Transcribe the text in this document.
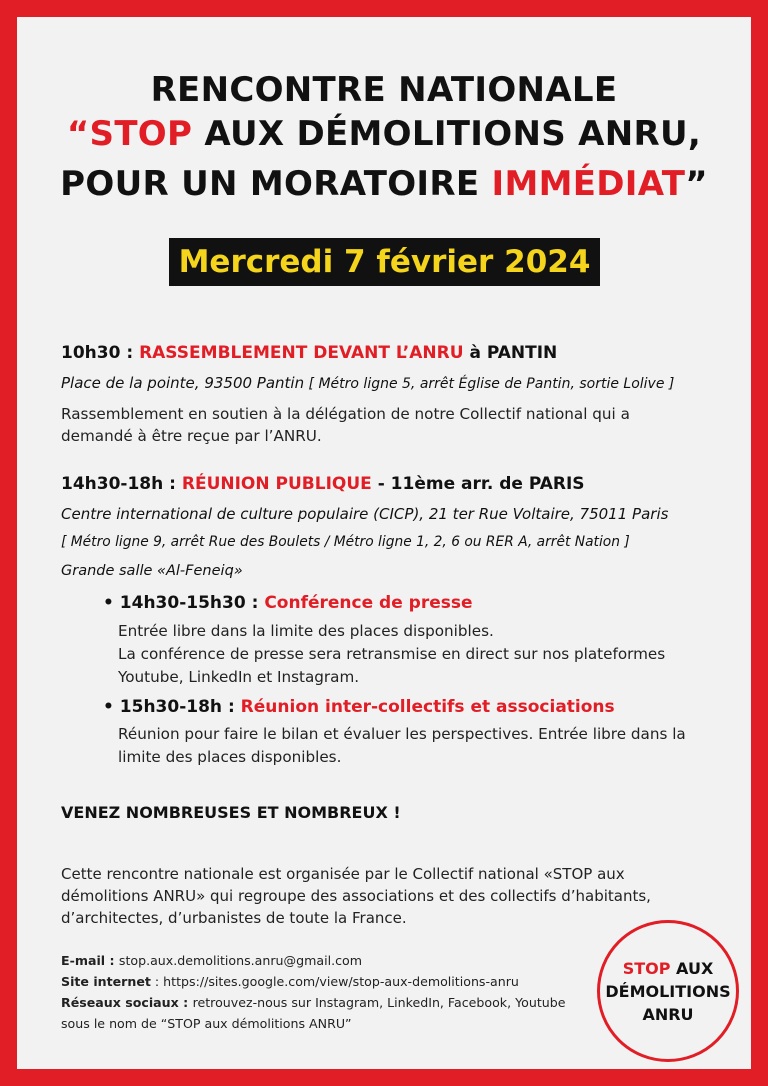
RENCONTRE NATIONALE
“STOP AUX DÉMOLITIONS ANRU,
POUR UN MORATOIRE IMMÉDIAT”
Mercredi 7 février 2024
10h30 : RASSEMBLEMENT DEVANT L’ANRU à PANTIN
Place de la pointe, 93500 Pantin [ Métro ligne 5, arrêt Église de Pantin, sortie Lolive ]
Rassemblement en soutien à la délégation de notre Collectif national qui a demandé à être reçue par l’ANRU.
14h30-18h : RÉUNION PUBLIQUE - 11ème arr. de PARIS
Centre international de culture populaire (CICP), 21 ter Rue Voltaire, 75011 Paris
[ Métro ligne 9, arrêt Rue des Boulets / Métro ligne 1, 2, 6 ou RER A, arrêt Nation ]
Grande salle «Al-Feneiq»
• 14h30-15h30 : Conférence de presse
Entrée libre dans la limite des places disponibles.
La conférence de presse sera retransmise en direct sur nos plateformes
Youtube, LinkedIn et Instagram.
• 15h30-18h : Réunion inter-collectifs et associations
Réunion pour faire le bilan et évaluer les perspectives. Entrée libre dans la
limite des places disponibles.
VENEZ NOMBREUSES ET NOMBREUX !
Cette rencontre nationale est organisée par le Collectif national «STOP aux démolitions ANRU» qui regroupe des associations et des collectifs d’habitants, d’architectes, d’urbanistes de toute la France.
E-mail : stop.aux.demolitions.anru@gmail.com
Site internet : https://sites.google.com/view/stop-aux-demolitions-anru
Réseaux sociaux : retrouvez-nous sur Instagram, LinkedIn, Facebook, Youtube
sous le nom de “STOP aux démolitions ANRU”
STOP AUX
DÉMOLITIONS
ANRU
